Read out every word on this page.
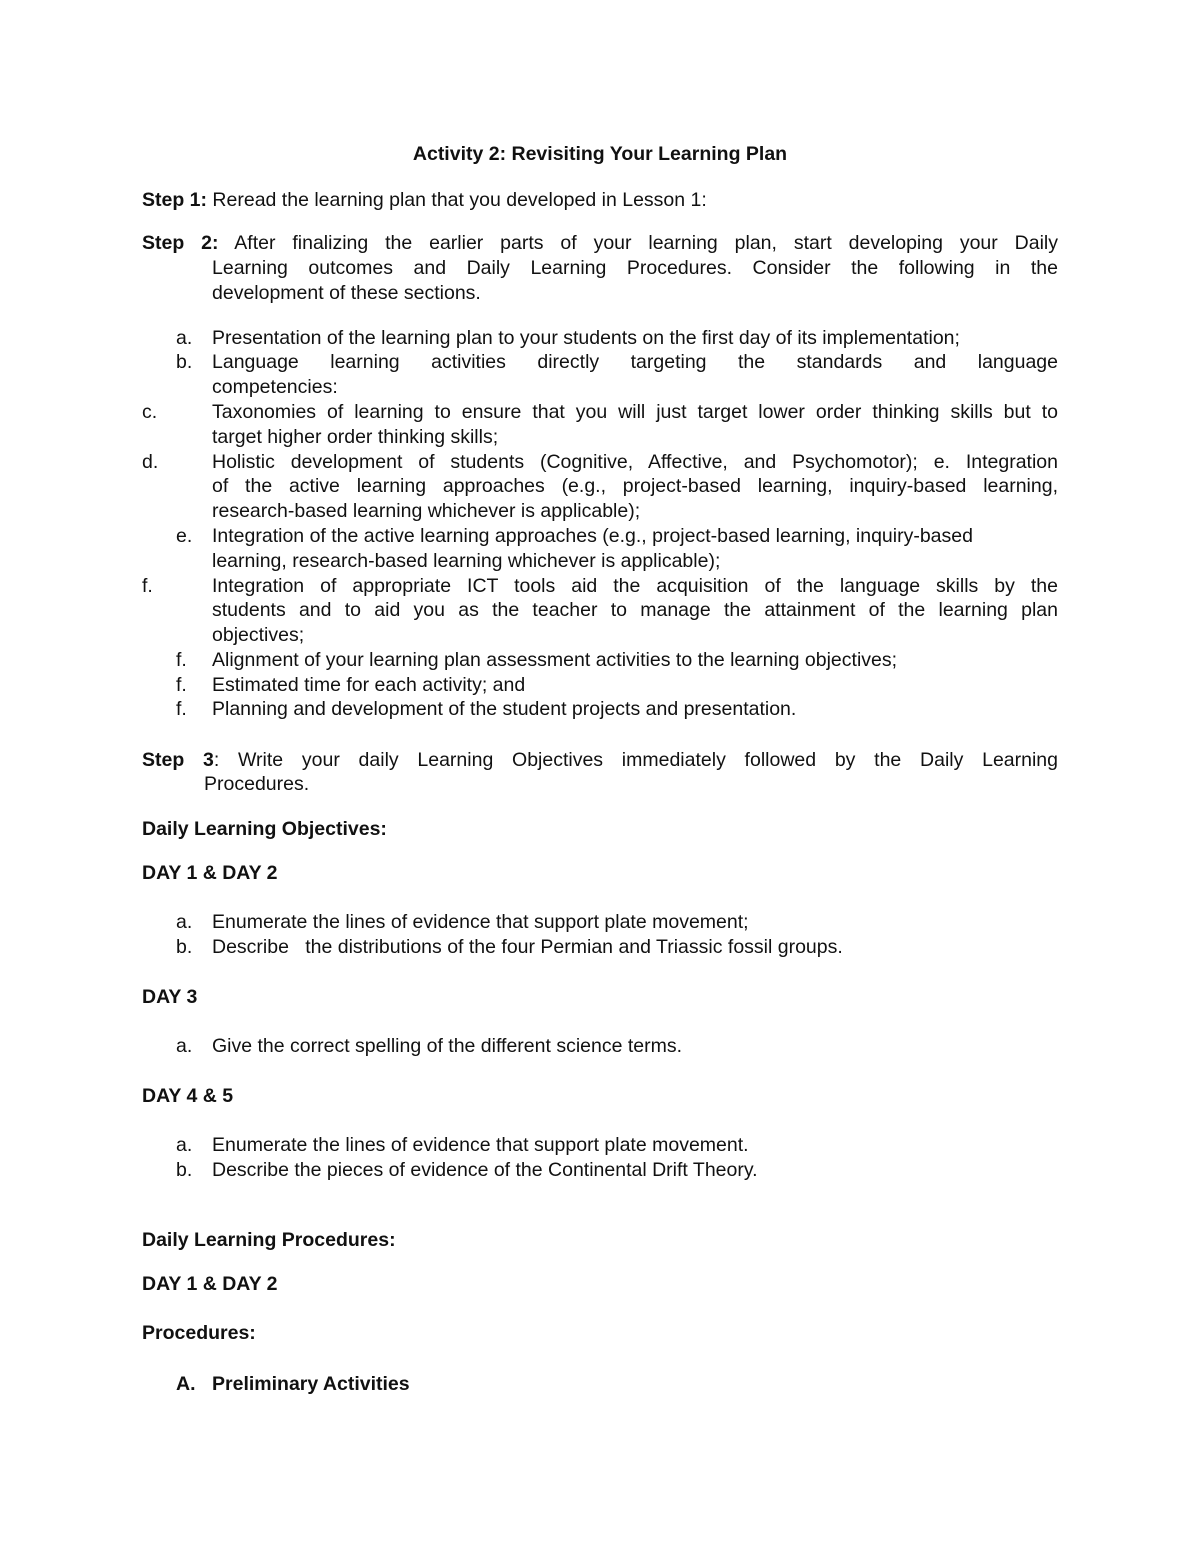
Activity 2: Revisiting Your Learning Plan
Step 1: Reread the learning plan that you developed in Lesson 1:
Step 2: After finalizing the earlier parts of your learning plan, start developing your Daily
Learning outcomes and Daily Learning Procedures. Consider the following in the
development of these sections.
a. Presentation of the learning plan to your students on the first day of its implementation;
b. Language learning activities directly targeting the standards and language
competencies:
c.	Taxonomies of learning to ensure that you will just target lower order thinking skills but to
target higher order thinking skills;
d.	Holistic development of students (Cognitive, Affective, and Psychomotor); e. Integration
of the active learning approaches (e.g., project-based learning, inquiry-based learning,
research-based learning whichever is applicable);
e. Integration of the active learning approaches (e.g., project-based learning, inquiry-based
learning, research-based learning whichever is applicable);
f.	Integration of appropriate ICT tools aid the acquisition of the language skills by the
students and to aid you as the teacher to manage the attainment of the learning plan
objectives;
f. Alignment of your learning plan assessment activities to the learning objectives;
f. Estimated time for each activity; and
f. Planning and development of the student projects and presentation.
Step 3: Write your daily Learning Objectives immediately followed by the Daily Learning
Procedures.
Daily Learning Objectives:
DAY 1 & DAY 2
a. Enumerate the lines of evidence that support plate movement;
b. Describe   the distributions of the four Permian and Triassic fossil groups.
DAY 3
a. Give the correct spelling of the different science terms.
DAY 4 & 5
a. Enumerate the lines of evidence that support plate movement.
b. Describe the pieces of evidence of the Continental Drift Theory.
Daily Learning Procedures:
DAY 1 & DAY 2
Procedures:
A. Preliminary Activities
